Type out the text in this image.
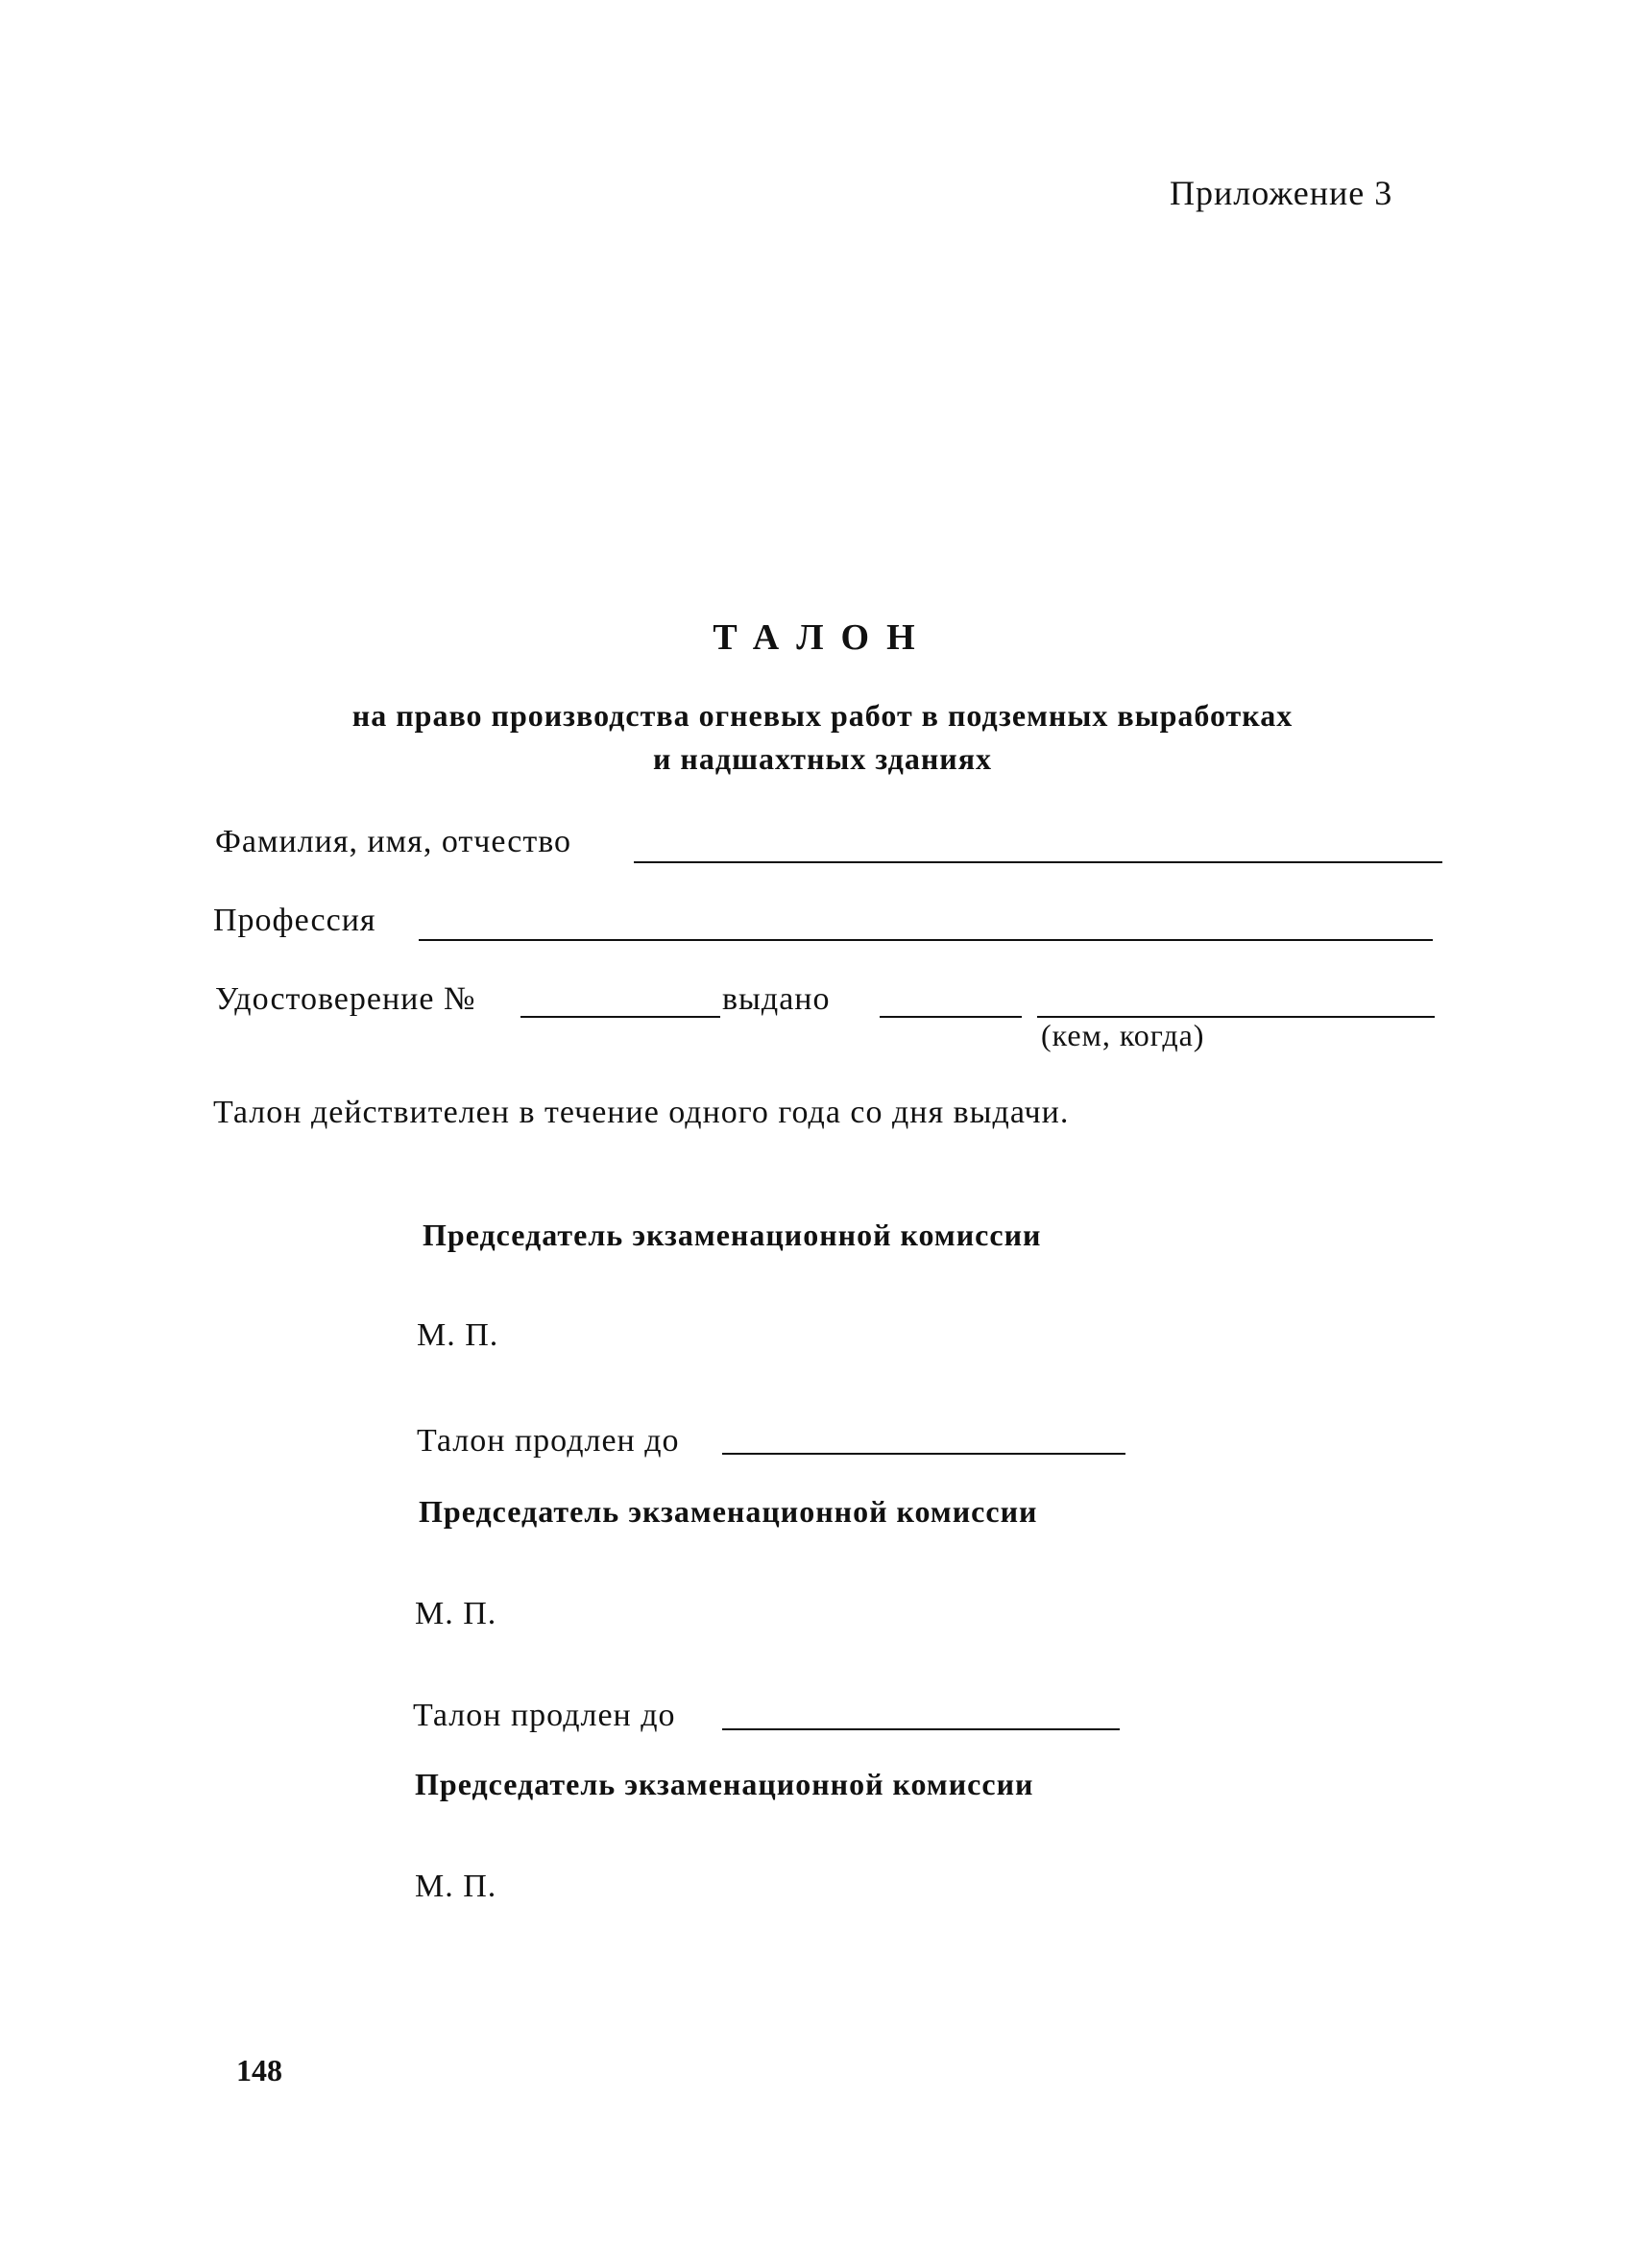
Приложение 3
ТАЛОН
на право производства огневых работ в подземных выработках
и надшахтных зданиях
Фамилия, имя, отчество
Профессия
Удостоверение №	выдано
(кем, когда)
Талон действителен в течение одного года со дня выдачи.
Председатель экзаменационной комиссии
М. П.
Талон продлен до
Председатель экзаменационной комиссии
М. П.
Талон продлен до
Председатель экзаменационной комиссии
М. П.
148
